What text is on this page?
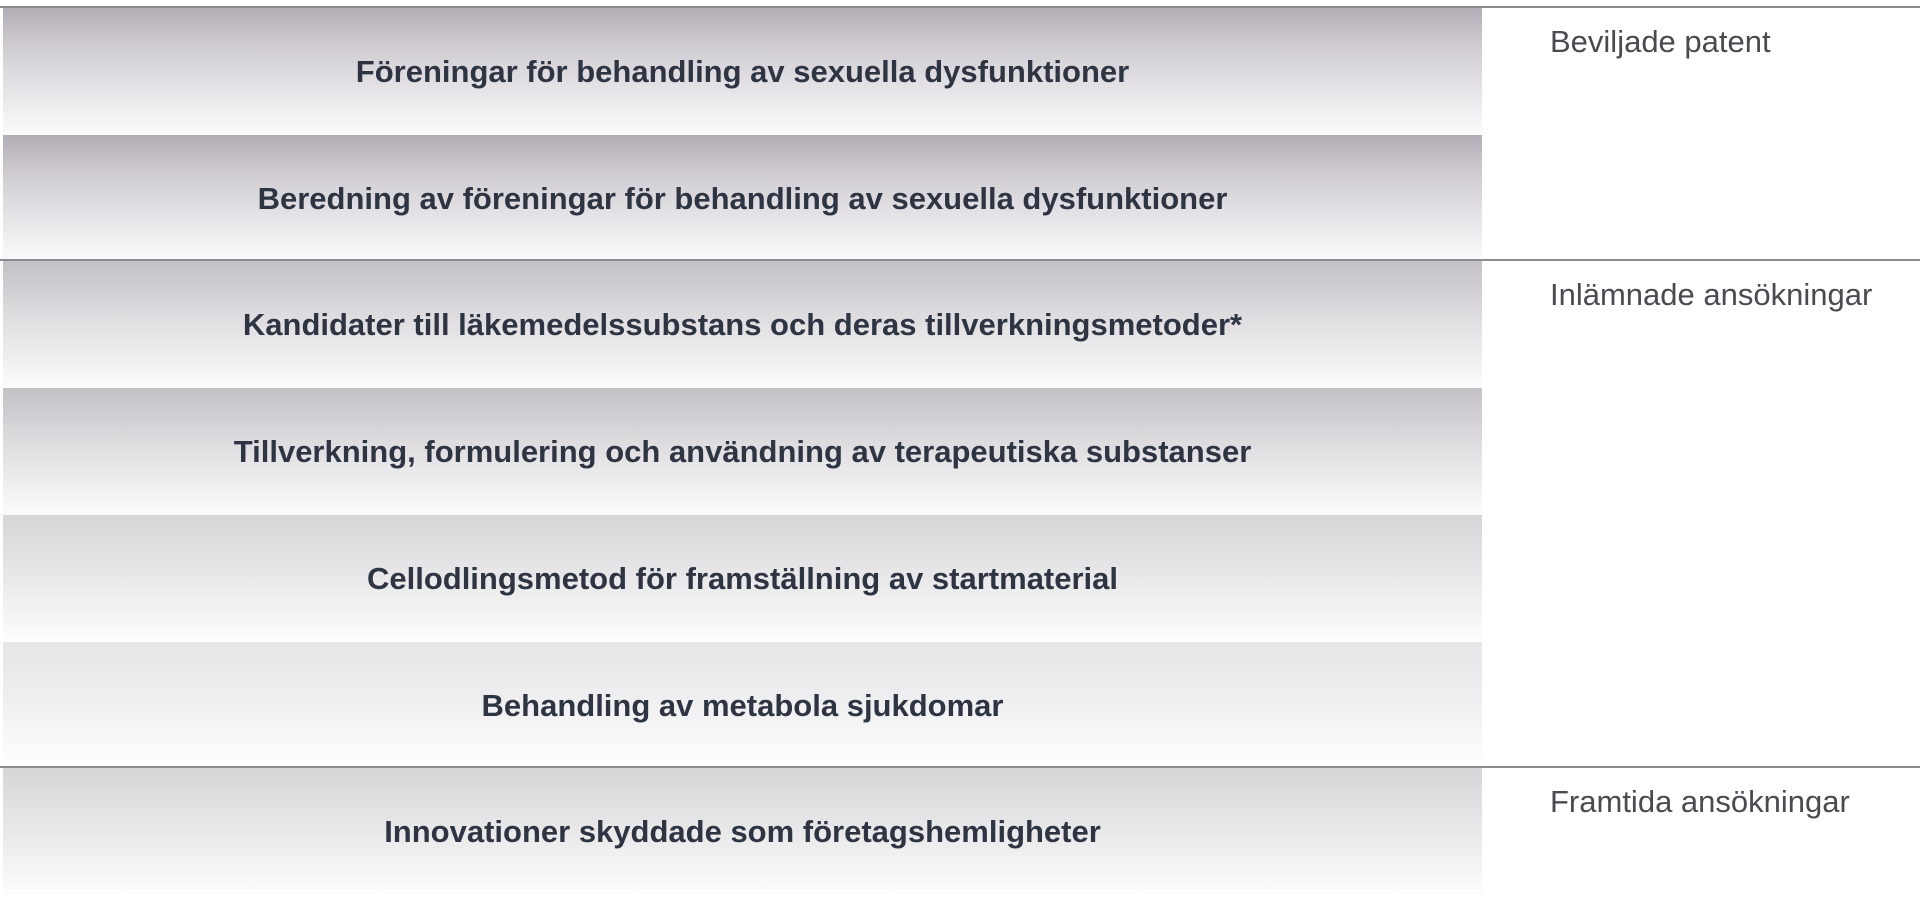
Föreningar för behandling av sexuella dysfunktioner
Beredning av föreningar för behandling av sexuella dysfunktioner
Beviljade patent
Kandidater till läkemedelssubstans och deras tillverkningsmetoder*
Tillverkning, formulering och användning av terapeutiska substanser
Cellodlingsmetod för framställning av startmaterial
Behandling av metabola sjukdomar
Inlämnade ansökningar
Innovationer skyddade som företagshemligheter
Framtida ansökningar
